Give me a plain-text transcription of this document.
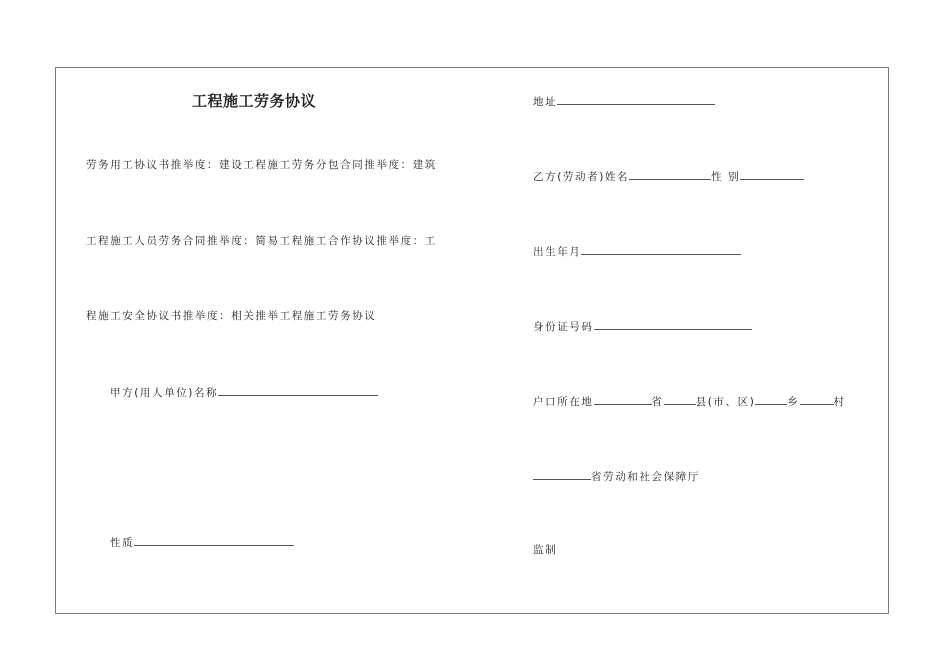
工程施工劳务协议
劳务用工协议书推举度：建设工程施工劳务分包合同推举度：建筑
工程施工人员劳务合同推举度：简易工程施工合作协议推举度：工
程施工安全协议书推举度：相关推举工程施工劳务协议
甲方(用人单位)名称
性质
地址
乙方(劳动者)姓名	性 别
出生年月
身份证号码
户口所在地	省	县(市、区)	乡	村
省劳动和社会保障厅
监制
